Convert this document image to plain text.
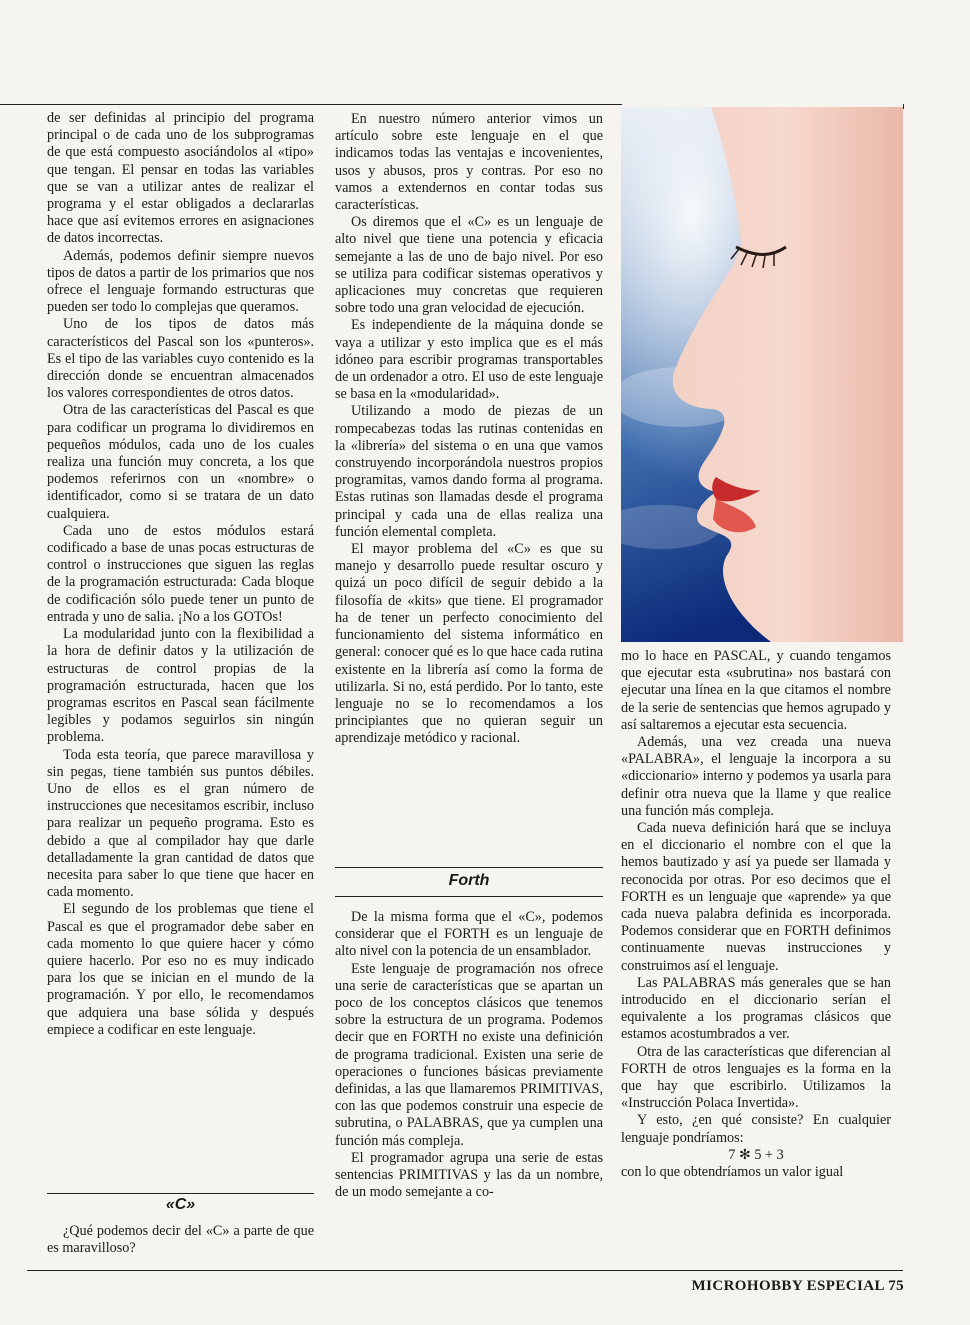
de ser definidas al principio del programa principal o de cada uno de los subprogramas de que está compuesto asociándolos al «tipo» que tengan. El pensar en todas las variables que se van a utilizar antes de realizar el programa y el estar obligados a declararlas hace que así evitemos errores en asignaciones de datos incorrectas.

Además, podemos definir siempre nuevos tipos de datos a partir de los primarios que nos ofrece el lenguaje formando estructuras que pueden ser todo lo complejas que queramos.

Uno de los tipos de datos más característicos del Pascal son los «punteros». Es el tipo de las variables cuyo contenido es la dirección donde se encuentran almacenados los valores correspondientes de otros datos.

Otra de las características del Pascal es que para codificar un programa lo dividiremos en pequeños módulos, cada uno de los cuales realiza una función muy concreta, a los que podemos referirnos con un «nombre» o identificador, como si se tratara de un dato cualquiera.

Cada uno de estos módulos estará codificado a base de unas pocas estructuras de control o instrucciones que siguen las reglas de la programación estructurada: Cada bloque de codificación sólo puede tener un punto de entrada y uno de salia. ¡No a los GOTOs!

La modularidad junto con la flexibilidad a la hora de definir datos y la utilización de estructuras de control propias de la programación estructurada, hacen que los programas escritos en Pascal sean fácilmente legibles y podamos seguirlos sin ningún problema.

Toda esta teoría, que parece maravillosa y sin pegas, tiene también sus puntos débiles. Uno de ellos es el gran número de instrucciones que necesitamos escribir, incluso para realizar un pequeño programa. Esto es debido a que al compilador hay que darle detalladamente la gran cantidad de datos que necesita para saber lo que tiene que hacer en cada momento.

El segundo de los problemas que tiene el Pascal es que el programador debe saber en cada momento lo que quiere hacer y cómo quiere hacerlo. Por eso no es muy indicado para los que se inician en el mundo de la programación. Y por ello, le recomendamos que adquiera una base sólida y después empiece a codificar en este lenguaje.

«C»

¿Qué podemos decir del «C» a parte de que es maravilloso?

En nuestro número anterior vimos un artículo sobre este lenguaje en el que indicamos todas las ventajas e incovenientes, usos y abusos, pros y contras. Por eso no vamos a extendernos en contar todas sus características.

Os diremos que el «C» es un lenguaje de alto nivel que tiene una potencia y eficacia semejante a las de uno de bajo nivel. Por eso se utiliza para codificar sistemas operativos y aplicaciones muy concretas que requieren sobre todo una gran velocidad de ejecución.

Es independiente de la máquina donde se vaya a utilizar y esto implica que es el más idóneo para escribir programas transportables de un ordenador a otro. El uso de este lenguaje se basa en la «modularidad».

Utilizando a modo de piezas de un rompecabezas todas las rutinas contenidas en la «librería» del sistema o en una que vamos construyendo incorporándola nuestros propios programitas, vamos dando forma al programa. Estas rutinas son llamadas desde el programa principal y cada una de ellas realiza una función elemental completa.

El mayor problema del «C» es que su manejo y desarrollo puede resultar oscuro y quizá un poco difícil de seguir debido a la filosofía de «kits» que tiene. El programador ha de tener un perfecto conocimiento del funcionamiento del sistema informático en general: conocer qué es lo que hace cada rutina existente en la librería así como la forma de utilizarla. Si no, está perdido. Por lo tanto, este lenguaje no se lo recomendamos a los principiantes que no quieran seguir un aprendizaje metódico y racional.

Forth

De la misma forma que el «C», podemos considerar que el FORTH es un lenguaje de alto nivel con la potencia de un ensamblador.

Este lenguaje de programación nos ofrece una serie de características que se apartan un poco de los conceptos clásicos que tenemos sobre la estructura de un programa. Podemos decir que en FORTH no existe una definición de programa tradicional. Existen una serie de operaciones o funciones básicas previamente definidas, a las que llamaremos PRIMITIVAS, con las que podemos construir una especie de subrutina, o PALABRAS, que ya cumplen una función más compleja.

El programador agrupa una serie de estas sentencias PRIMITIVAS y las da un nombre, de un modo semejante a co-

mo lo hace en PASCAL, y cuando tengamos que ejecutar esta «subrutina» nos bastará con ejecutar una línea en la que citamos el nombre de la serie de sentencias que hemos agrupado y así saltaremos a ejecutar esta secuencia.

Además, una vez creada una nueva «PALABRA», el lenguaje la incorpora a su «diccionario» interno y podemos ya usarla para definir otra nueva que la llame y que realice una función más compleja.

Cada nueva definición hará que se incluya en el diccionario el nombre con el que la hemos bautizado y así ya puede ser llamada y reconocida por otras. Por eso decimos que el FORTH es un lenguaje que «aprende» ya que cada nueva palabra definida es incorporada. Podemos considerar que en FORTH definimos continuamente nuevas instrucciones y construimos así el lenguaje.

Las PALABRAS más generales que se han introducido en el diccionario serían el equivalente a los programas clásicos que estamos acostumbrados a ver.

Otra de las características que diferencian al FORTH de otros lenguajes es la forma en la que hay que escribirlo. Utilizamos la «Instrucción Polaca Invertida».

Y esto, ¿en qué consiste? En cualquier lenguaje pondríamos:

7 ✻ 5 + 3

con lo que obtendríamos un valor igual

MICROHOBBY ESPECIAL 75
